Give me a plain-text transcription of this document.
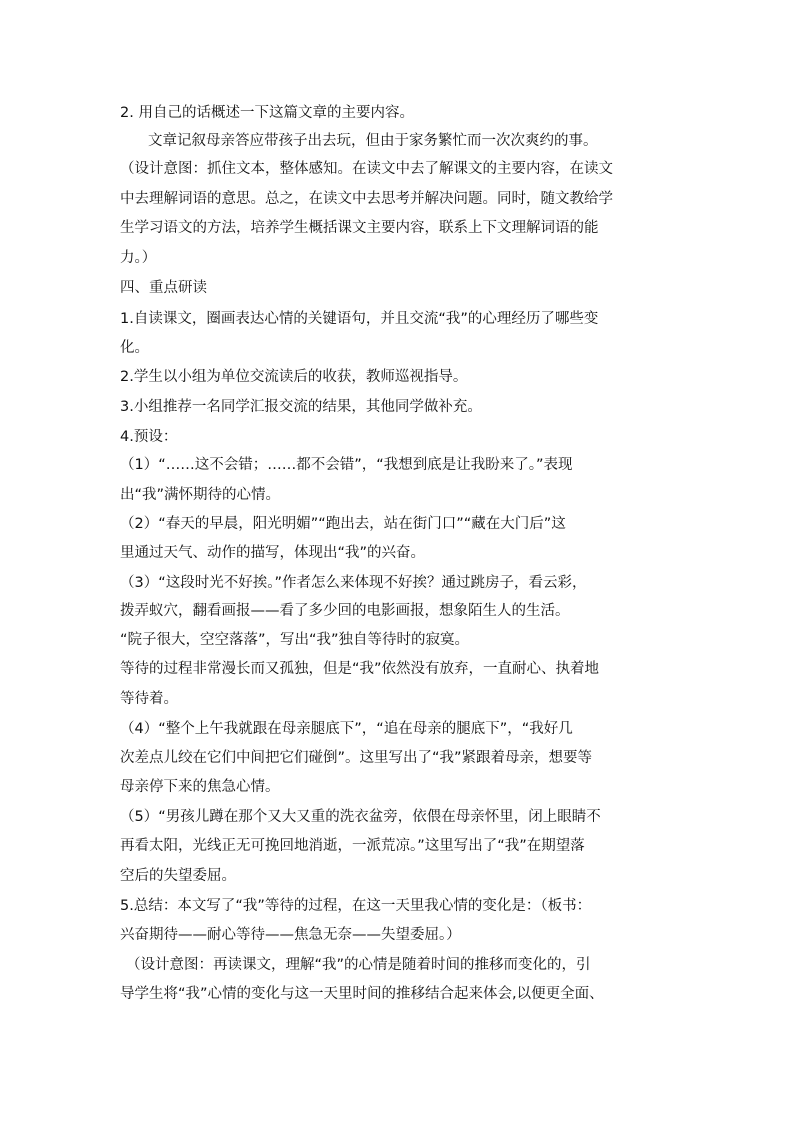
2. 用自己的话概述一下这篇文章的主要内容。
文章记叙母亲答应带孩子出去玩，但由于家务繁忙而一次次爽约的事。
（设计意图：抓住文本，整体感知。在读文中去了解课文的主要内容，在读文
中去理解词语的意思。总之，在读文中去思考并解决问题。同时，随文教给学
生学习语文的方法，培养学生概括课文主要内容，联系上下文理解词语的能
力。）
四、重点研读
1.自读课文，圈画表达心情的关键语句，并且交流“我”的心理经历了哪些变
化。
2.学生以小组为单位交流读后的收获，教师巡视指导。
3.小组推荐一名同学汇报交流的结果，其他同学做补充。
4.预设：
（1）“……这不会错；……都不会错”，“我想到底是让我盼来了。”表现
出“我”满怀期待的心情。
（2）“春天的早晨，阳光明媚”“跑出去，站在街门口”“藏在大门后”这
里通过天气、动作的描写，体现出“我”的兴奋。
（3）“这段时光不好挨。”作者怎么来体现不好挨？通过跳房子，看云彩，
拨弄蚁穴，翻看画报——看了多少回的电影画报，想象陌生人的生活。
“院子很大，空空落落”，写出“我”独自等待时的寂寞。
等待的过程非常漫长而又孤独，但是“我”依然没有放弃，一直耐心、执着地
等待着。
（4）“整个上午我就跟在母亲腿底下”，“追在母亲的腿底下”，“我好几
次差点儿绞在它们中间把它们碰倒”。这里写出了“我”紧跟着母亲，想要等
母亲停下来的焦急心情。
（5）“男孩儿蹲在那个又大又重的洗衣盆旁，依偎在母亲怀里，闭上眼睛不
再看太阳，光线正无可挽回地消逝，一派荒凉。”这里写出了“我”在期望落
空后的失望委屈。
5.总结：本文写了“我”等待的过程，在这一天里我心情的变化是：（板书：
兴奋期待——耐心等待——焦急无奈——失望委屈。）
（设计意图：再读课文，理解“我”的心情是随着时间的推移而变化的，引
导学生将“我”心情的变化与这一天里时间的推移结合起来体会,以便更全面、
